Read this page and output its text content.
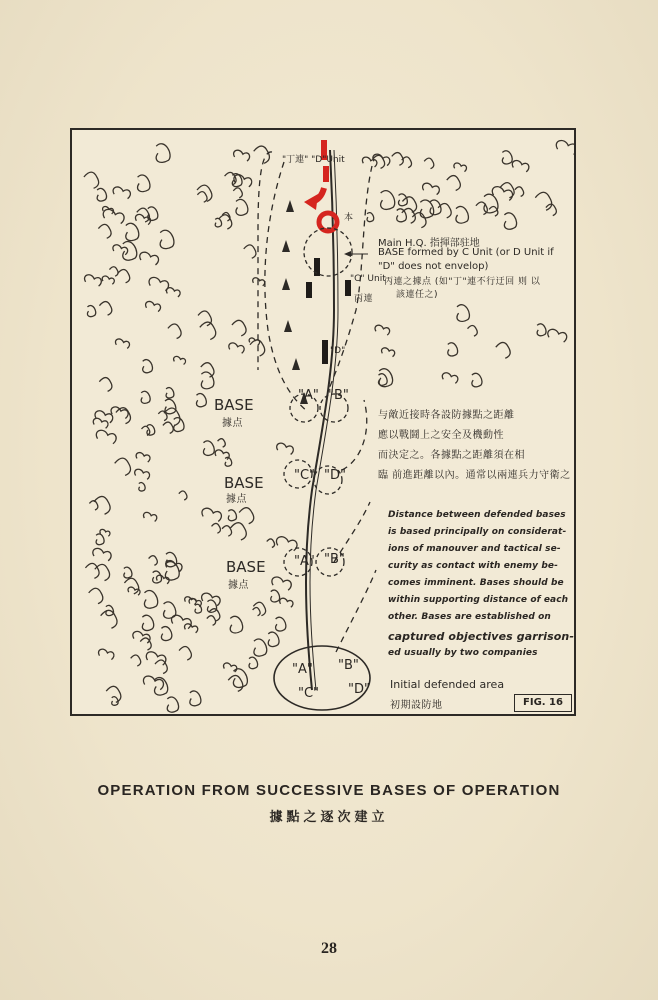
Main H.Q. 指揮部驻地
BASE formed by C Unit (or D Unit if
"D" does not envelop)
"C" Unit
丙連之據点 (如"丁"連不行迂回 则 以
該連任之)
丙連
本
"丁連" "D"Unit
BASE
據点
BASE
據点
BASE
據点
"A" "B"
"D"
"C" "D"
"A" "B"
"A"
"C"
"B"
"D"
与敵近接時各設防據點之距離
應以戰鬪上之安全及機動性
而決定之。各據點之距離須在相
臨 前進距離以內。通常以兩連兵力守衛之
Distance between defended bases
is based principally on considerat-
ions of manouver and tactical se-
curity as contact with enemy be-
comes imminent. Bases should be
within supporting distance of each
other. Bases are established on
captured objectives garrison-
ed usually by two companies
Initial defended area
初期設防地	FIG. 16
OPERATION FROM SUCCESSIVE BASES OF OPERATION
據點之逐次建立
28
